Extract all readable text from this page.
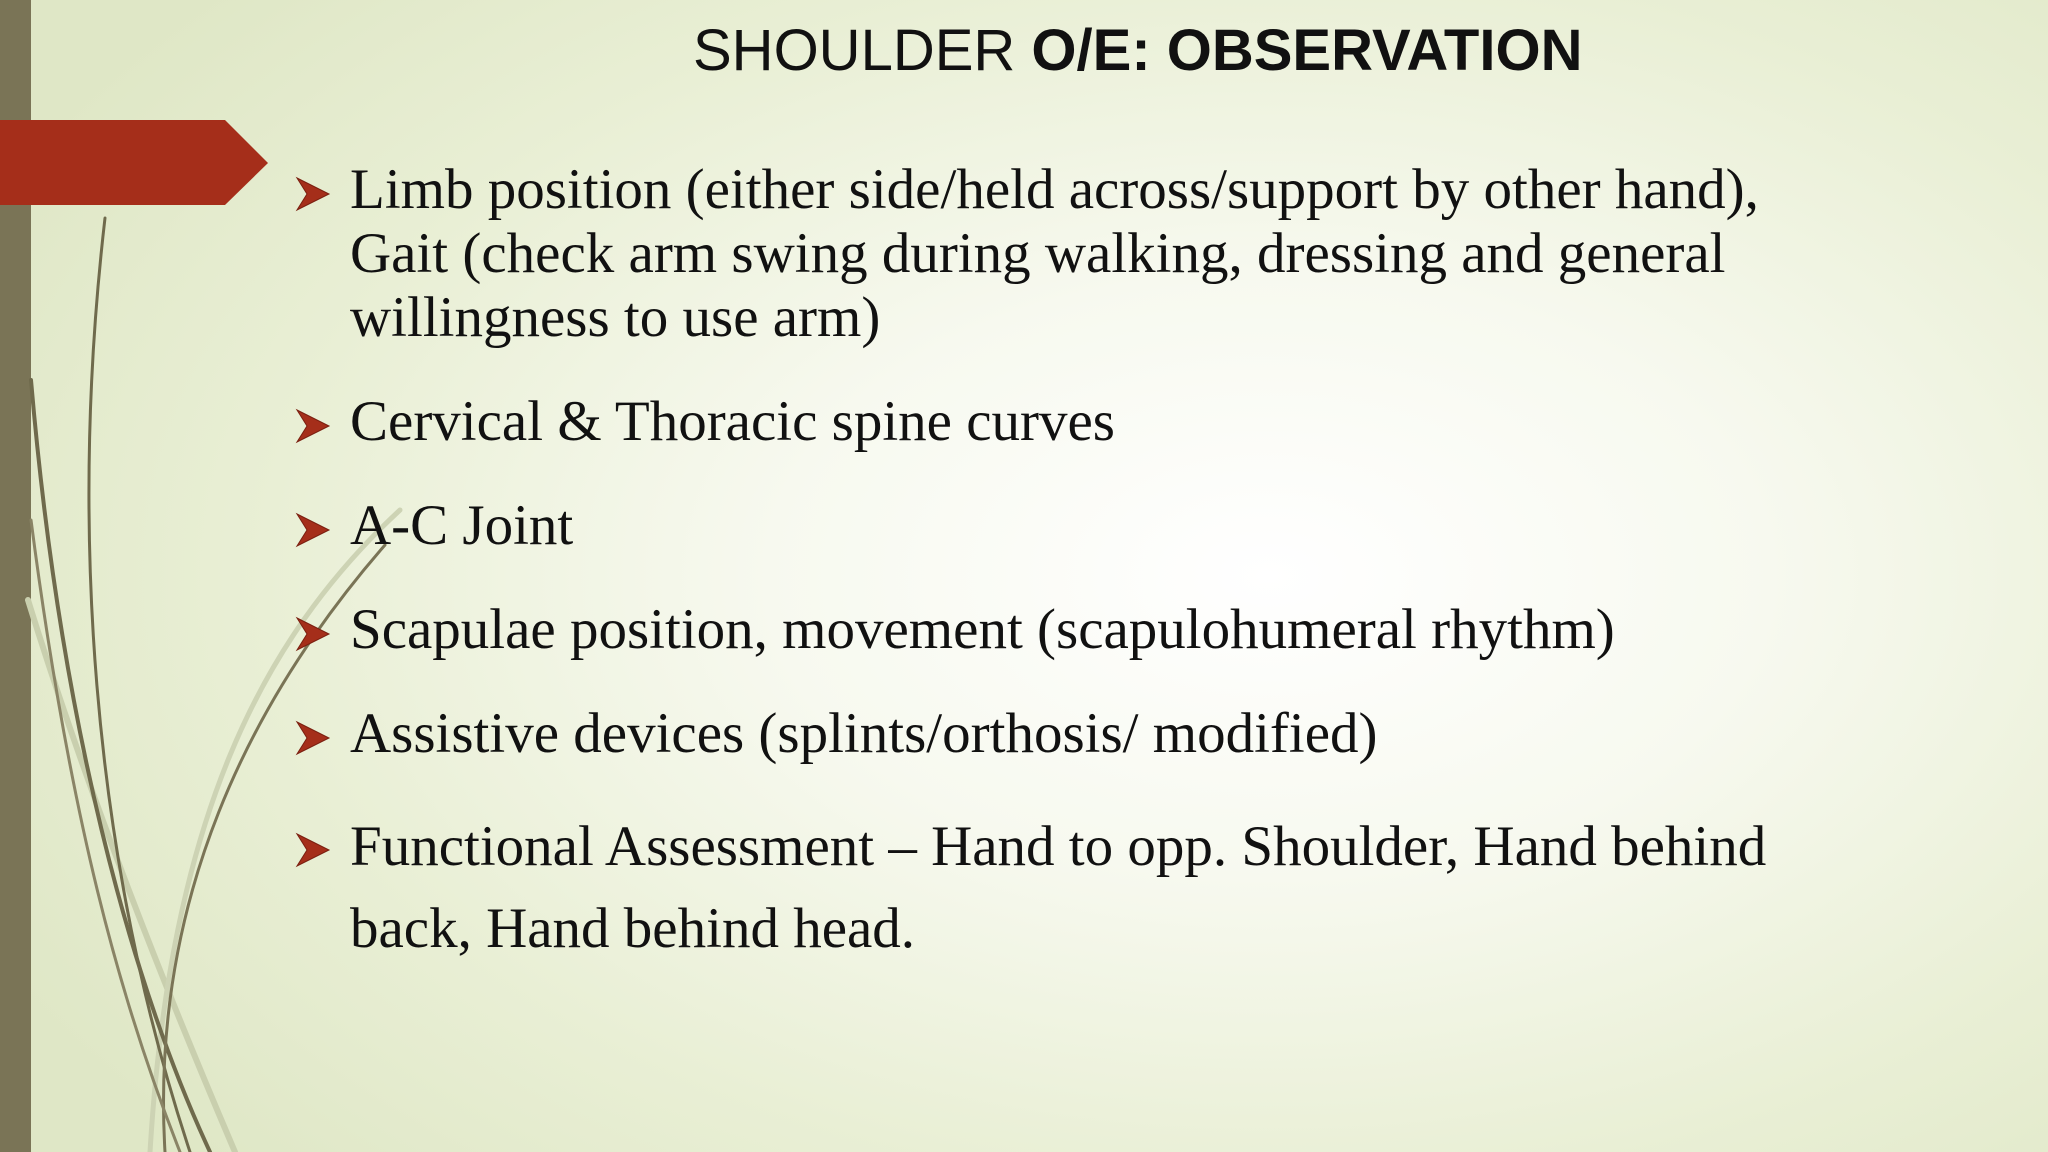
SHOULDER O/E: OBSERVATION
Limb position (either side/held across/support by other hand), Gait (check arm swing during walking, dressing and general willingness to use arm)
Cervical & Thoracic spine curves
A-C Joint
Scapulae position, movement (scapulohumeral rhythm)
Assistive devices (splints/orthosis/ modified)
Functional Assessment – Hand to opp. Shoulder, Hand behind back, Hand behind head.
